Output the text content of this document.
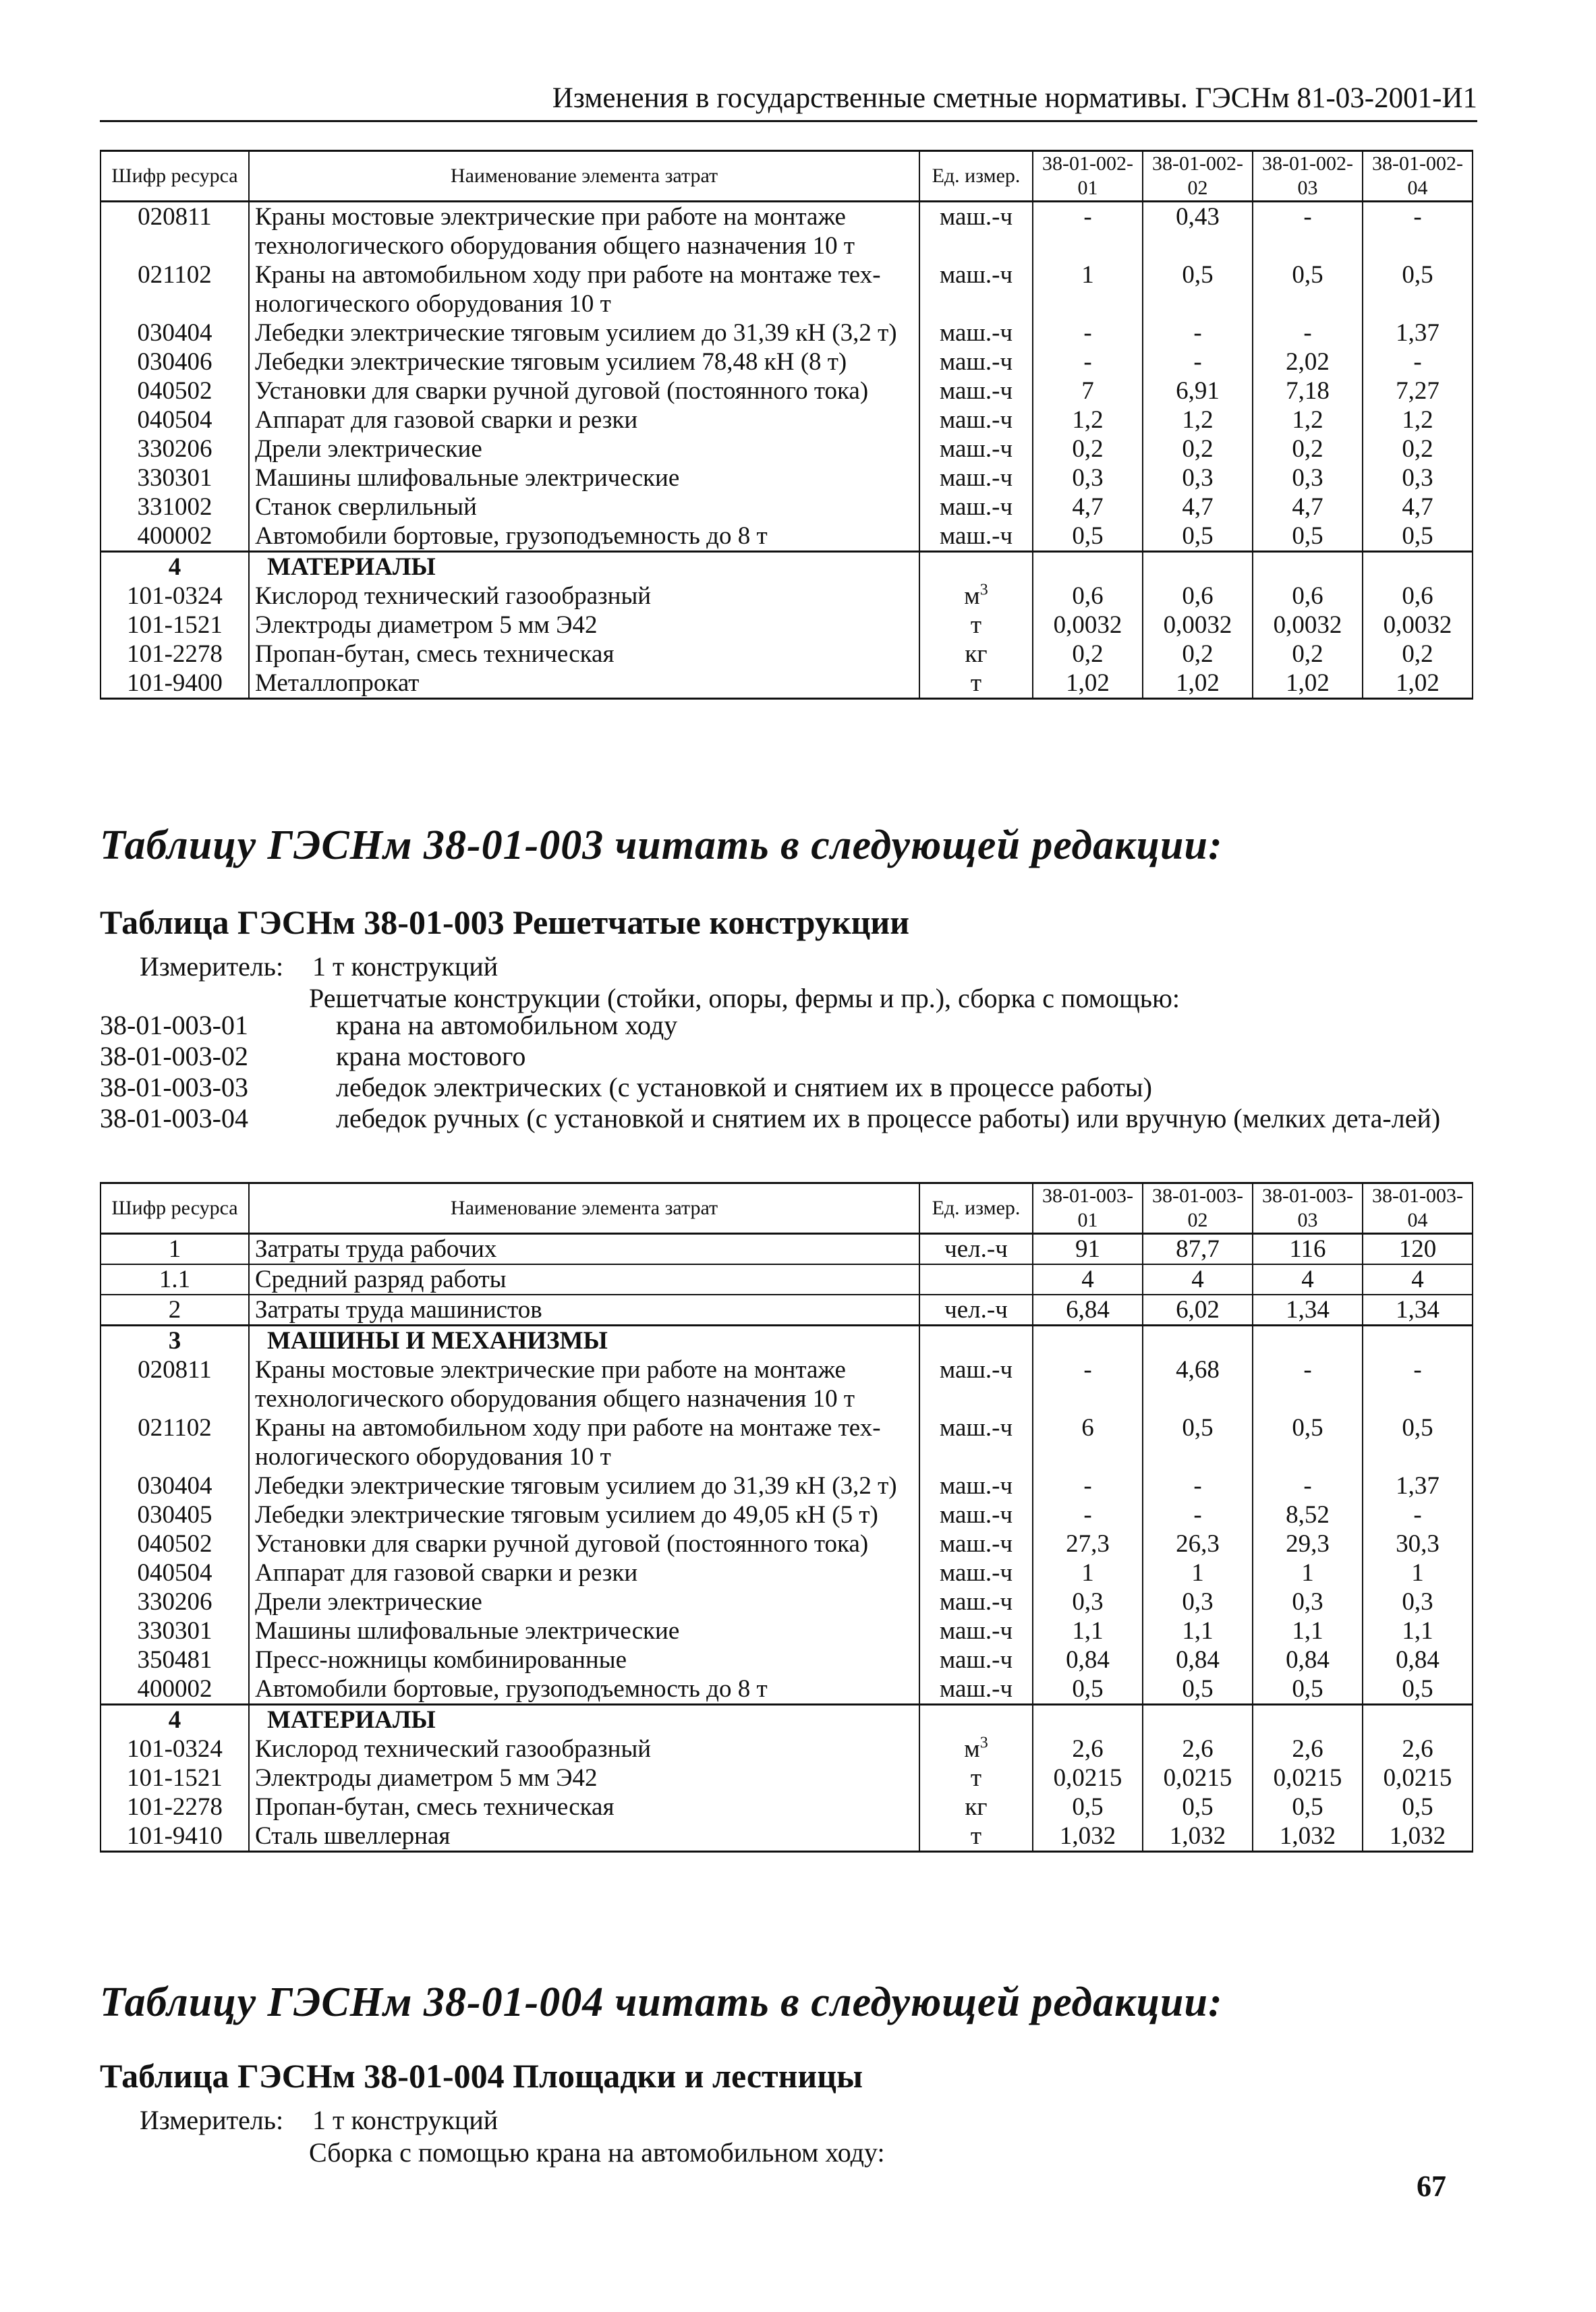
Изменения в государственные сметные нормативы. ГЭСНм 81-03-2001-И1
Шифр ресурса	Наименование элемента затрат	Ед. измер.	38-01-002-01	38-01-002-02	38-01-002-03	38-01-002-04
020811	Краны мостовые электрические при работе на монтаже технологического оборудования общего назначения 10 т	маш.-ч	-	0,43	-	-
021102	Краны на автомобильном ходу при работе на монтаже тех-нологического оборудования 10 т	маш.-ч	1	0,5	0,5	0,5
030404	Лебедки электрические тяговым усилием до 31,39 кН (3,2 т)	маш.-ч	-	-	-	1,37
030406	Лебедки электрические тяговым усилием 78,48 кН (8 т)	маш.-ч	-	-	2,02	-
040502	Установки для сварки ручной дуговой (постоянного тока)	маш.-ч	7	6,91	7,18	7,27
040504	Аппарат для газовой сварки и резки	маш.-ч	1,2	1,2	1,2	1,2
330206	Дрели электрические	маш.-ч	0,2	0,2	0,2	0,2
330301	Машины шлифовальные электрические	маш.-ч	0,3	0,3	0,3	0,3
331002	Станок сверлильный	маш.-ч	4,7	4,7	4,7	4,7
400002	Автомобили бортовые, грузоподъемность до 8 т	маш.-ч	0,5	0,5	0,5	0,5
4	МАТЕРИАЛЫ					
101-0324	Кислород технический газообразный	$м^3$	0,6	0,6	0,6	0,6
101-1521	Электроды диаметром 5 мм Э42	т	0,0032	0,0032	0,0032	0,0032
101-2278	Пропан-бутан, смесь техническая	кг	0,2	0,2	0,2	0,2
101-9400	Металлопрокат	т	1,02	1,02	1,02	1,02
Таблицу ГЭСНм 38-01-003 читать в следующей редакции:
Таблица ГЭСНм 38-01-003 Решетчатые конструкции
Измеритель: 1 т конструкций
Решетчатые конструкции (стойки, опоры, фермы и пр.), сборка с помощью:
38-01-003-01	крана на автомобильном ходу
38-01-003-02	крана мостового
38-01-003-03	лебедок электрических (с установкой и снятием их в процессе работы)
38-01-003-04	лебедок ручных (с установкой и снятием их в процессе работы) или вручную (мелких дета-лей)
Шифр ресурса	Наименование элемента затрат	Ед. измер.	38-01-003-01	38-01-003-02	38-01-003-03	38-01-003-04
1	Затраты труда рабочих	чел.-ч	91	87,7	116	120
1.1	Средний разряд работы		4	4	4	4
2	Затраты труда машинистов	чел.-ч	6,84	6,02	1,34	1,34
3	МАШИНЫ И МЕХАНИЗМЫ					
020811	Краны мостовые электрические при работе на монтаже технологического оборудования общего назначения 10 т	маш.-ч	-	4,68	-	-
021102	Краны на автомобильном ходу при работе на монтаже тех-нологического оборудования 10 т	маш.-ч	6	0,5	0,5	0,5
030404	Лебедки электрические тяговым усилием до 31,39 кН (3,2 т)	маш.-ч	-	-	-	1,37
030405	Лебедки электрические тяговым усилием до 49,05 кН (5 т)	маш.-ч	-	-	8,52	-
040502	Установки для сварки ручной дуговой (постоянного тока)	маш.-ч	27,3	26,3	29,3	30,3
040504	Аппарат для газовой сварки и резки	маш.-ч	1	1	1	1
330206	Дрели электрические	маш.-ч	0,3	0,3	0,3	0,3
330301	Машины шлифовальные электрические	маш.-ч	1,1	1,1	1,1	1,1
350481	Пресс-ножницы комбинированные	маш.-ч	0,84	0,84	0,84	0,84
400002	Автомобили бортовые, грузоподъемность до 8 т	маш.-ч	0,5	0,5	0,5	0,5
4	МАТЕРИАЛЫ					
101-0324	Кислород технический газообразный	$м^3$	2,6	2,6	2,6	2,6
101-1521	Электроды диаметром 5 мм Э42	т	0,0215	0,0215	0,0215	0,0215
101-2278	Пропан-бутан, смесь техническая	кг	0,5	0,5	0,5	0,5
101-9410	Сталь швеллерная	т	1,032	1,032	1,032	1,032
Таблицу ГЭСНм 38-01-004 читать в следующей редакции:
Таблица ГЭСНм 38-01-004 Площадки и лестницы
Измеритель: 1 т конструкций
Сборка с помощью крана на автомобильном ходу:
67
